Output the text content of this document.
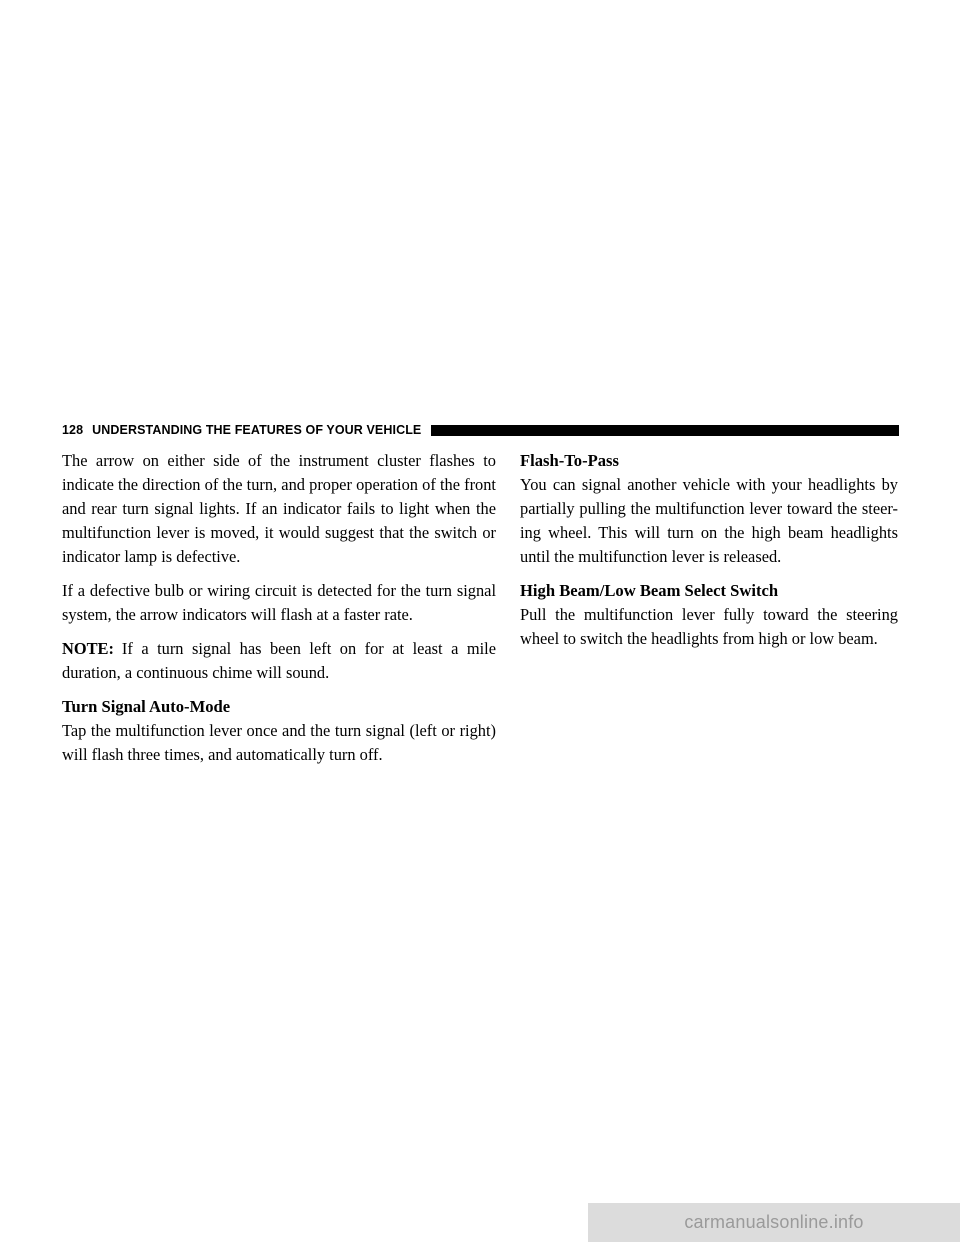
128 UNDERSTANDING THE FEATURES OF YOUR VEHICLE

The arrow on either side of the instrument cluster flashes to indicate the direction of the turn, and proper operation of the front and rear turn signal lights. If an indicator fails to light when the multifunction lever is moved, it would suggest that the switch or indicator lamp is defective.

If a defective bulb or wiring circuit is detected for the turn signal system, the arrow indicators will flash at a faster rate.

NOTE: If a turn signal has been left on for at least a mile duration, a continuous chime will sound.

Turn Signal Auto-Mode

Tap the multifunction lever once and the turn signal (left or right) will flash three times, and automatically turn off.

Flash-To-Pass

You can signal another vehicle with your headlights by partially pulling the multifunction lever toward the steer-ing wheel. This will turn on the high beam headlights until the multifunction lever is released.

High Beam/Low Beam Select Switch

Pull the multifunction lever fully toward the steering wheel to switch the headlights from high or low beam.

carmanualsonline.info
